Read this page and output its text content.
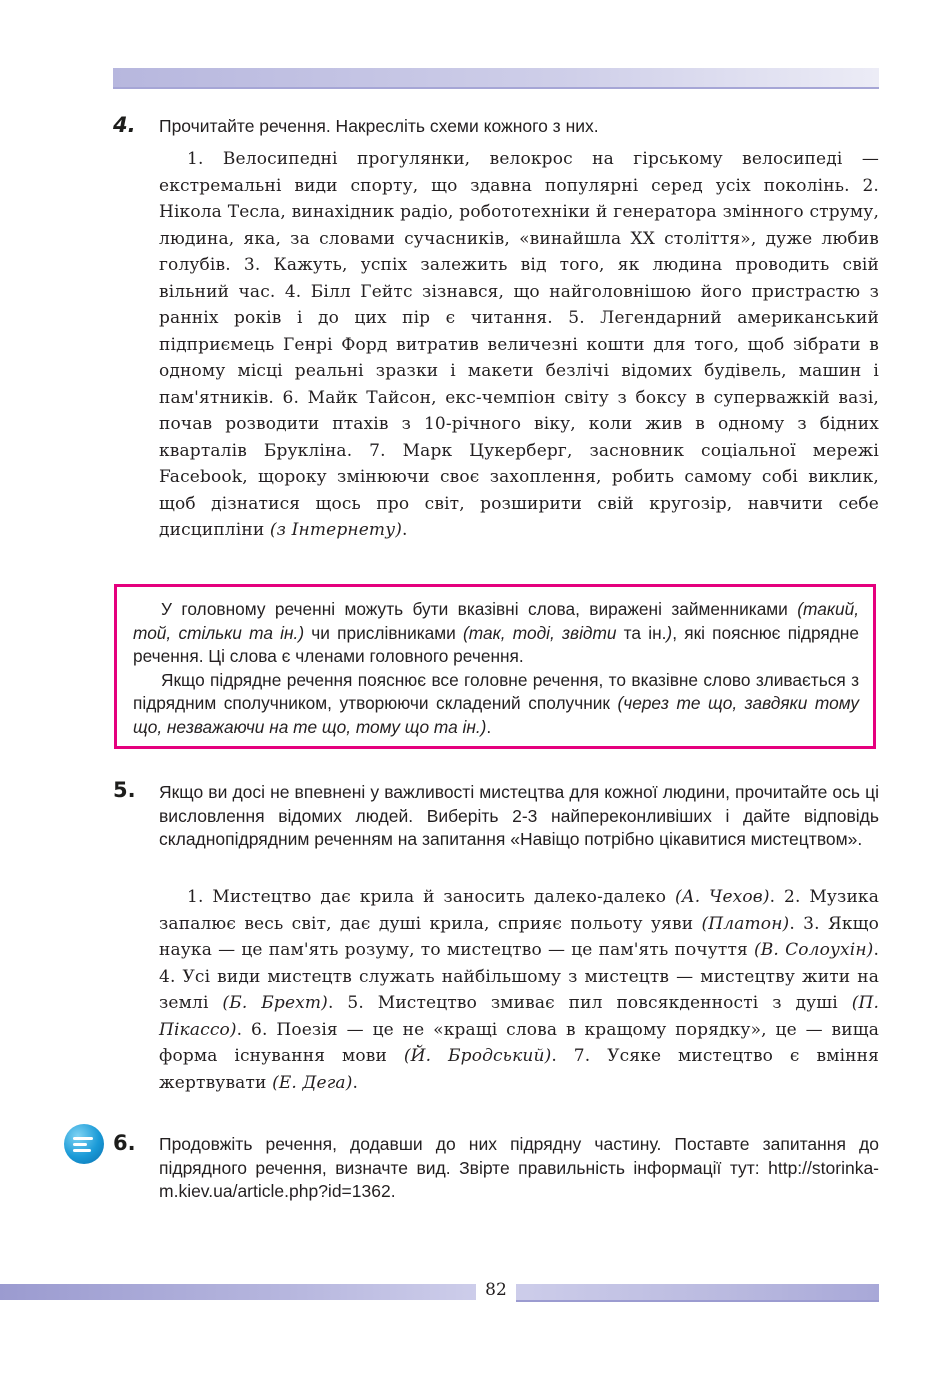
4. Прочитайте речення. Накресліть схеми кожного з них.

1. Велосипедні прогулянки, велокрос на гірському велосипеді — екстремальні види спорту, що здавна популярні серед усіх поколінь. 2. Нікола Тесла, винахідник радіо, робототехніки й генератора змінного струму, людина, яка, за словами сучасників, «винайшла XX століття», дуже любив голубів. 3. Кажуть, успіх залежить від того, як людина проводить свій вільний час. 4. Білл Гейтс зізнався, що найголовнішою його пристрастю з ранніх років і до цих пір є читання. 5. Легендарний американський підприємець Генрі Форд витратив величезні кошти для того, щоб зібрати в одному місці реальні зразки і макети безлічі відомих будівель, машин і пам'ятників. 6. Майк Тайсон, екс-чемпіон світу з боксу в суперважкій вазі, почав розводити птахів з 10-річного віку, коли жив в одному з бідних кварталів Брукліна. 7. Марк Цукерберг, засновник соціальної мережі Facebook, щороку змінюючи своє захоплення, робить самому собі виклик, щоб дізнатися щось про світ, розширити свій кругозір, навчити себе дисципліни (з Інтернету).

У головному реченні можуть бути вказівні слова, виражені займенниками (такий, той, стільки та ін.) чи прислівниками (так, тоді, звідти та ін.), які пояснює підрядне речення. Ці слова є членами головного речення.

Якщо підрядне речення пояснює все головне речення, то вказівне слово зливається з підрядним сполучником, утворюючи складений сполучник (через те що, завдяки тому що, незважаючи на те що, тому що та ін.).

5. Якщо ви досі не впевнені у важливості мистецтва для кожної людини, прочитайте ось ці висловлення відомих людей. Виберіть 2-3 найпереконливіших і дайте відповідь складнопідрядним реченням на запитання «Навіщо потрібно цікавитися мистецтвом».

1. Мистецтво дає крила й заносить далеко-далеко (А. Чехов). 2. Музика запалює весь світ, дає душі крила, сприяє польоту уяви (Платон). 3. Якщо наука — це пам'ять розуму, то мистецтво — це пам'ять почуття (В. Солоухін). 4. Усі види мистецтв служать найбільшому з мистецтв — мистецтву жити на землі (Б. Брехт). 5. Мистецтво змиває пил повсякденності з душі (П. Пікассо). 6. Поезія — це не «кращі слова в кращому порядку», це — вища форма існування мови (Й. Бродський). 7. Усяке мистецтво є вміння жертвувати (Е. Дега).

6. Продовжіть речення, додавши до них підрядну частину. Поставте запитання до підрядного речення, визначте вид. Звірте правильність інформації тут: http://storinka-m.kiev.ua/article.php?id=1362.
82
